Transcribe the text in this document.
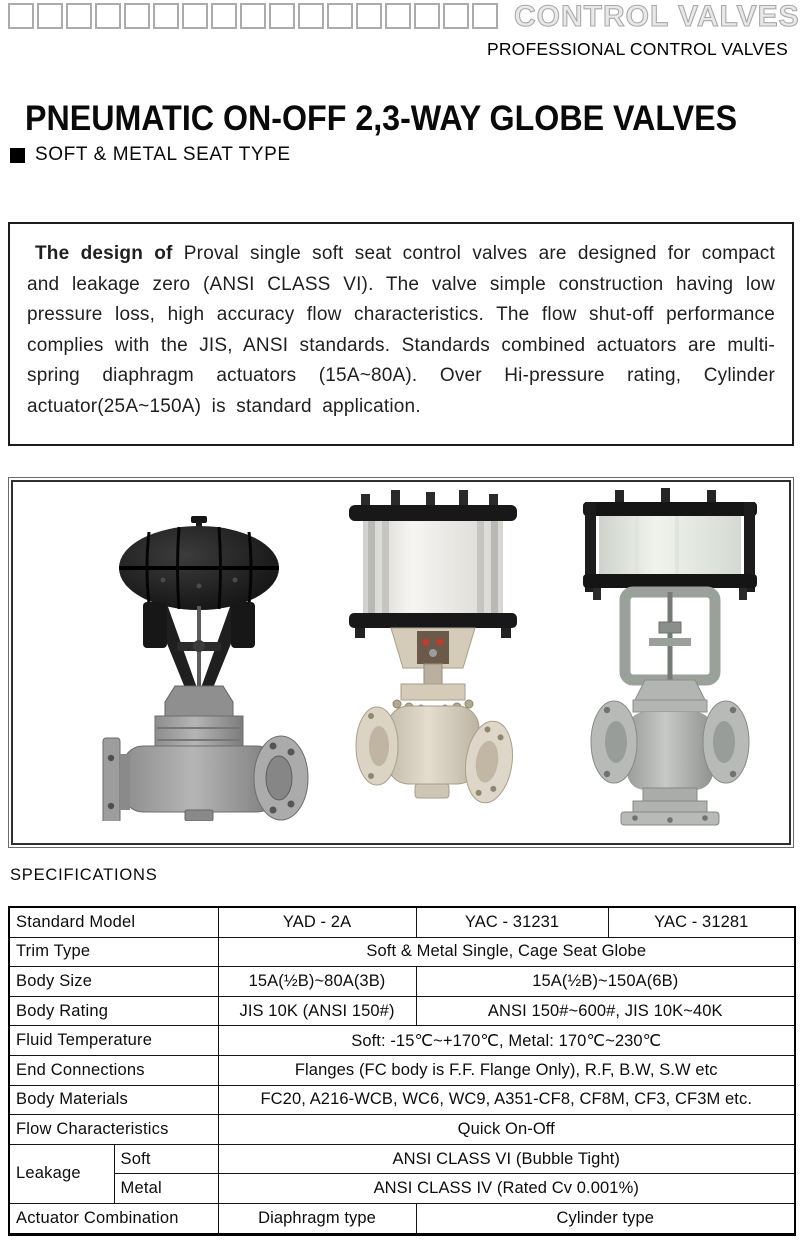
CONTROL VALVES
PROFESSIONAL CONTROL VALVES
PNEUMATIC ON-OFF 2,3-WAY GLOBE VALVES
SOFT & METAL SEAT TYPE

The design of Proval single soft seat control valves are designed for compact and leakage zero (ANSI CLASS VI). The valve simple construction having low pressure loss, high accuracy flow characteristics. The flow shut-off performance complies with the JIS, ANSI standards. Standards combined actuators are multi-spring diaphragm actuators (15A~80A). Over Hi-pressure rating, Cylinder actuator(25A~150A) is standard application.

SPECIFICATIONS
Standard Model		YAD - 2A	YAC - 31231	YAC - 31281
Trim Type		Soft & Metal Single, Cage Seat Globe		
Body Size		15A(½B)~80A(3B)	15A(½B)~150A(6B)	
Body Rating		JIS 10K (ANSI 150#)	ANSI 150#~600#, JIS 10K~40K	
Fluid Temperature		Soft: -15℃~+170℃, Metal: 170℃~230℃		
End Connections		Flanges (FC body is F.F. Flange Only), R.F, B.W, S.W etc		
Body Materials		FC20, A216-WCB, WC6, WC9, A351-CF8, CF8M, CF3, CF3M etc.		
Flow Characteristics		Quick On-Off		
Leakage	Soft	ANSI CLASS VI (Bubble Tight)		
	Metal	ANSI CLASS IV (Rated Cv 0.001%)		
Actuator Combination		Diaphragm type	Cylinder type	
